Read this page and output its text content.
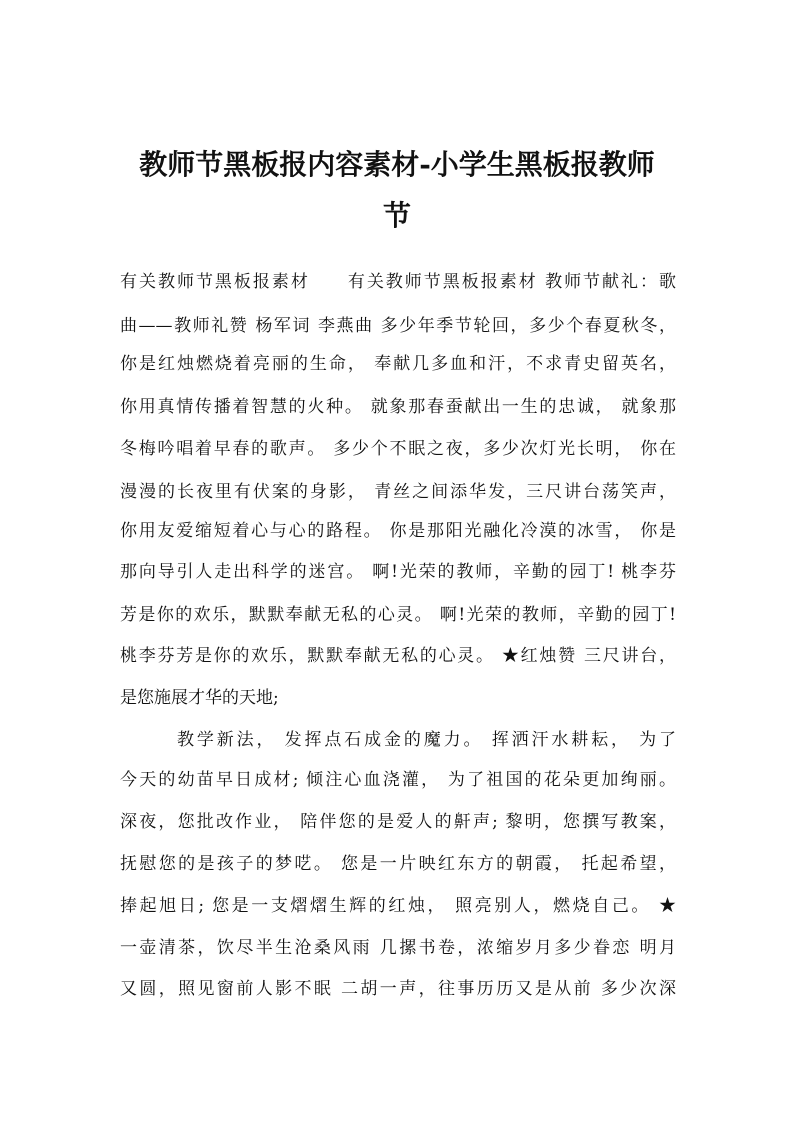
教师节黑板报内容素材-小学生黑板报教师
节
有关教师节黑板报素材　　有关教师节黑板报素材 教师节献礼：歌
曲——教师礼赞 杨军词 李燕曲 多少年季节轮回，多少个春夏秋冬，
你是红烛燃烧着亮丽的生命， 奉献几多血和汗，不求青史留英名，
你用真情传播着智慧的火种。 就象那春蚕献出一生的忠诚， 就象那
冬梅吟唱着早春的歌声。 多少个不眠之夜，多少次灯光长明， 你在
漫漫的长夜里有伏案的身影， 青丝之间添华发，三尺讲台荡笑声，
你用友爱缩短着心与心的路程。 你是那阳光融化冷漠的冰雪， 你是
那向导引人走出科学的迷宫。 啊!光荣的教师，辛勤的园丁! 桃李芬
芳是你的欢乐，默默奉献无私的心灵。 啊!光荣的教师，辛勤的园丁!
桃李芬芳是你的欢乐，默默奉献无私的心灵。 ★红烛赞 三尺讲台，
是您施展才华的天地;
教学新法， 发挥点石成金的魔力。 挥洒汗水耕耘， 为了
今天的幼苗早日成材; 倾注心血浇灌， 为了祖国的花朵更加绚丽。
深夜，您批改作业， 陪伴您的是爱人的鼾声; 黎明，您撰写教案，
抚慰您的是孩子的梦呓。 您是一片映红东方的朝霞， 托起希望，
捧起旭日; 您是一支熠熠生辉的红烛， 照亮别人，燃烧自己。 ★
一壶清茶，饮尽半生沧桑风雨 几摞书卷，浓缩岁月多少眷恋 明月
又圆，照见窗前人影不眠 二胡一声，往事历历又是从前 多少次深
